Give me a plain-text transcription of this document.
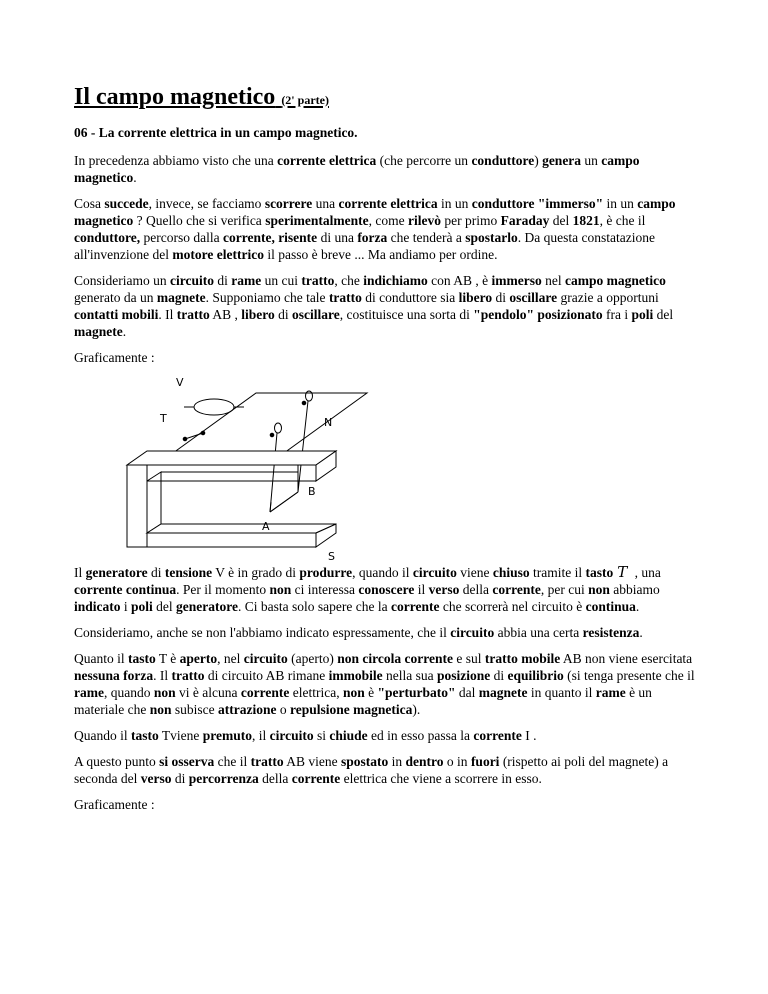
Il campo magnetico (2' parte)

06 - La corrente elettrica in un campo magnetico.

In precedenza abbiamo visto che una corrente elettrica (che percorre un conduttore) genera un campo magnetico.

Cosa succede, invece, se facciamo scorrere una corrente elettrica in un conduttore "immerso" in un campo magnetico ? Quello che si verifica sperimentalmente, come rilevò per primo Faraday del 1821, è che il conduttore, percorso dalla corrente, risente di una forza che tenderà a spostarlo. Da questa constatazione all'invenzione del motore elettrico il passo è breve ... Ma andiamo per ordine.

Consideriamo un circuito di rame un cui tratto, che indichiamo con AB , è immerso nel campo magnetico generato da un magnete. Supponiamo che tale tratto di conduttore sia libero di oscillare grazie a opportuni contatti mobili. Il tratto AB , libero di oscillare, costituisce una sorta di "pendolo" posizionato fra i poli del magnete.

Graficamente :

V
T	N
B
A
S

Il generatore di tensione V è in grado di produrre, quando il circuito viene chiuso tramite il tasto T , una corrente continua. Per il momento non ci interessa conoscere il verso della corrente, per cui non abbiamo indicato i poli del generatore. Ci basta solo sapere che la corrente che scorrerà nel circuito è continua.

Consideriamo, anche se non l'abbiamo indicato espressamente, che il circuito abbia una certa resistenza.

Quanto il tasto T è aperto, nel circuito (aperto) non circola corrente e sul tratto mobile AB non viene esercitata nessuna forza. Il tratto di circuito AB rimane immobile nella sua posizione di equilibrio (si tenga presente che il rame, quando non vi è alcuna corrente elettrica, non è "perturbato" dal magnete in quanto il rame è un materiale che non subisce attrazione o repulsione magnetica).

Quando il tasto Tviene premuto, il circuito si chiude ed in esso passa la corrente I .

A questo punto si osserva che il tratto AB viene spostato in dentro o in fuori (rispetto ai poli del magnete) a seconda del verso di percorrenza della corrente elettrica che viene a scorrere in esso.

Graficamente :
